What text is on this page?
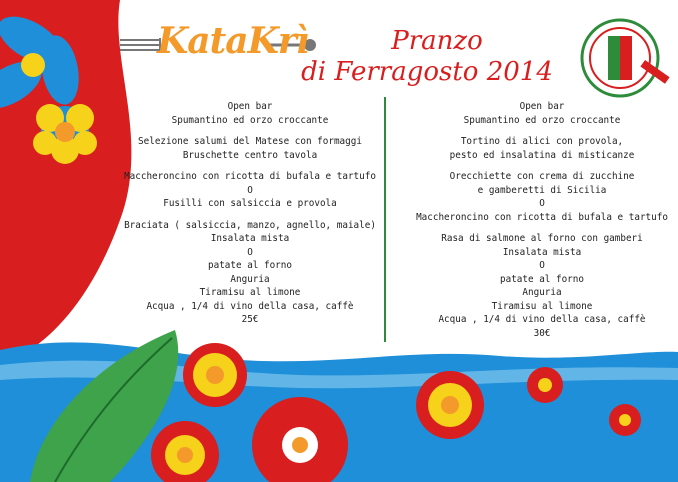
KataKrì	Pranzo
di Ferragosto 2014
Open bar
Spumantino ed orzo croccante
Selezione salumi del Matese con formaggi
Bruschette centro tavola
Maccheroncino con ricotta di bufala e tartufo
O
Fusilli con salsiccia e provola
Braciata ( salsiccia, manzo, agnello, maiale)
Insalata mista
O
patate al forno
Anguria
Tiramisu al limone
Acqua , 1/4 di vino della casa, caffè
25€
Open bar
Spumantino ed orzo croccante
Tortino di alici con provola,
pesto ed insalatina di misticanze
Orecchiette con crema di zucchine
e gamberetti di Sicilia
O
Maccheroncino con ricotta di bufala e tartufo
Rasa di salmone al forno con gamberi
Insalata mista
O
patate al forno
Anguria
Tiramisu al limone
Acqua , 1/4 di vino della casa, caffè
30€
